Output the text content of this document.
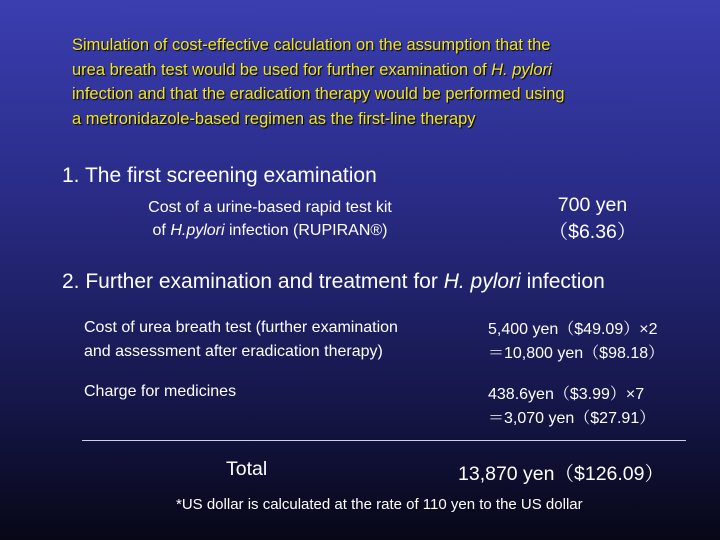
Simulation of cost-effective calculation on the assumption that the
urea breath test would be used for further examination of H. pylori
infection and that the eradication therapy would be performed using
a metronidazole-based regimen as the first-line therapy
1. The first screening examination
Cost of a urine-based rapid test kit
of H.pylori infection (RUPIRAN®)
700 yen
（$6.36）
2. Further examination and treatment for H. pylori infection
Cost of urea breath test (further examination
and assessment after eradication therapy)
5,400 yen（$49.09）×2
＝10,800 yen（$98.18）
Charge for medicines	438.6yen（$3.99）×7
＝3,070 yen（$27.91）
Total	13,870 yen（$126.09）
*US dollar is calculated at the rate of 110 yen to the US dollar
